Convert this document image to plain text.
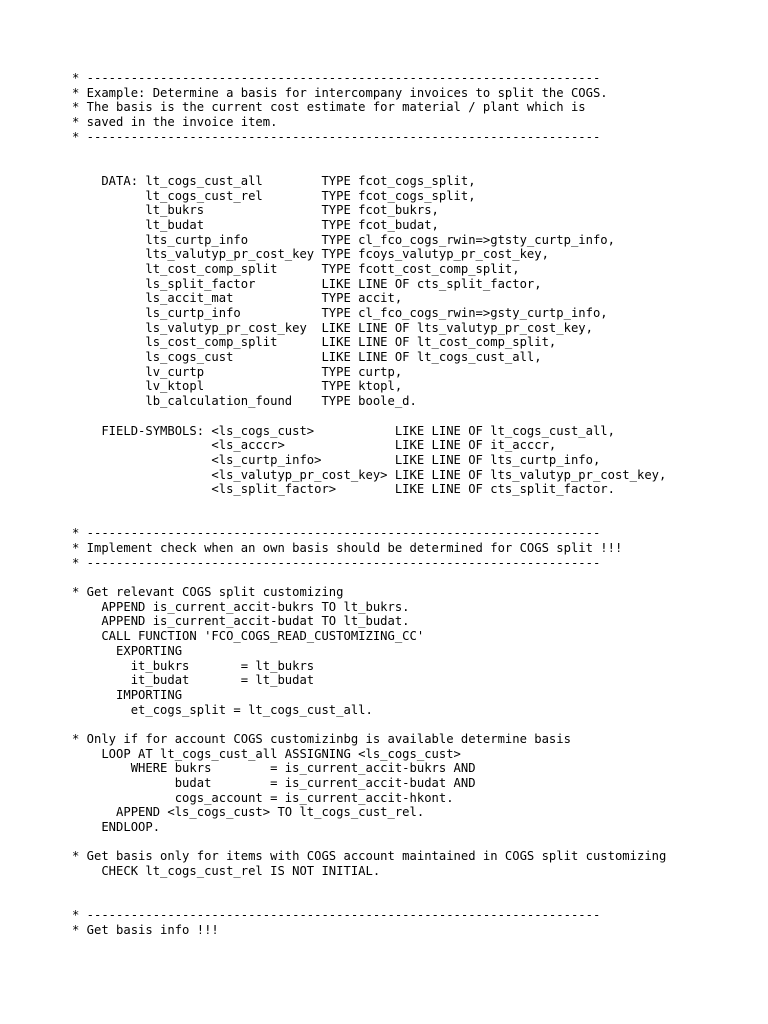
* ----------------------------------------------------------------------
* Example: Determine a basis for intercompany invoices to split the COGS.
* The basis is the current cost estimate for material / plant which is
* saved in the invoice item.
* ----------------------------------------------------------------------
DATA: lt_cogs_cust_all        TYPE fcot_cogs_split,
lt_cogs_cust_rel        TYPE fcot_cogs_split,
lt_bukrs                TYPE fcot_bukrs,
lt_budat                TYPE fcot_budat,
lts_curtp_info          TYPE cl_fco_cogs_rwin=>gtsty_curtp_info,
lts_valutyp_pr_cost_key TYPE fcoys_valutyp_pr_cost_key,
lt_cost_comp_split      TYPE fcott_cost_comp_split,
ls_split_factor         LIKE LINE OF cts_split_factor,
ls_accit_mat            TYPE accit,
ls_curtp_info           TYPE cl_fco_cogs_rwin=>gsty_curtp_info,
ls_valutyp_pr_cost_key  LIKE LINE OF lts_valutyp_pr_cost_key,
ls_cost_comp_split      LIKE LINE OF lt_cost_comp_split,
ls_cogs_cust            LIKE LINE OF lt_cogs_cust_all,
lv_curtp                TYPE curtp,
lv_ktopl                TYPE ktopl,
lb_calculation_found    TYPE boole_d.
FIELD-SYMBOLS: <ls_cogs_cust>           LIKE LINE OF lt_cogs_cust_all,
<ls_acccr>               LIKE LINE OF it_acccr,
<ls_curtp_info>          LIKE LINE OF lts_curtp_info,
<ls_valutyp_pr_cost_key> LIKE LINE OF lts_valutyp_pr_cost_key,
<ls_split_factor>        LIKE LINE OF cts_split_factor.
* ----------------------------------------------------------------------
* Implement check when an own basis should be determined for COGS split !!!
* ----------------------------------------------------------------------
* Get relevant COGS split customizing
APPEND is_current_accit-bukrs TO lt_bukrs.
APPEND is_current_accit-budat TO lt_budat.
CALL FUNCTION 'FCO_COGS_READ_CUSTOMIZING_CC'
EXPORTING
it_bukrs       = lt_bukrs
it_budat       = lt_budat
IMPORTING
et_cogs_split = lt_cogs_cust_all.
* Only if for account COGS customizinbg is available determine basis
LOOP AT lt_cogs_cust_all ASSIGNING <ls_cogs_cust>
WHERE bukrs        = is_current_accit-bukrs AND
budat        = is_current_accit-budat AND
cogs_account = is_current_accit-hkont.
APPEND <ls_cogs_cust> TO lt_cogs_cust_rel.
ENDLOOP.
* Get basis only for items with COGS account maintained in COGS split customizing
CHECK lt_cogs_cust_rel IS NOT INITIAL.
* ----------------------------------------------------------------------
* Get basis info !!!
